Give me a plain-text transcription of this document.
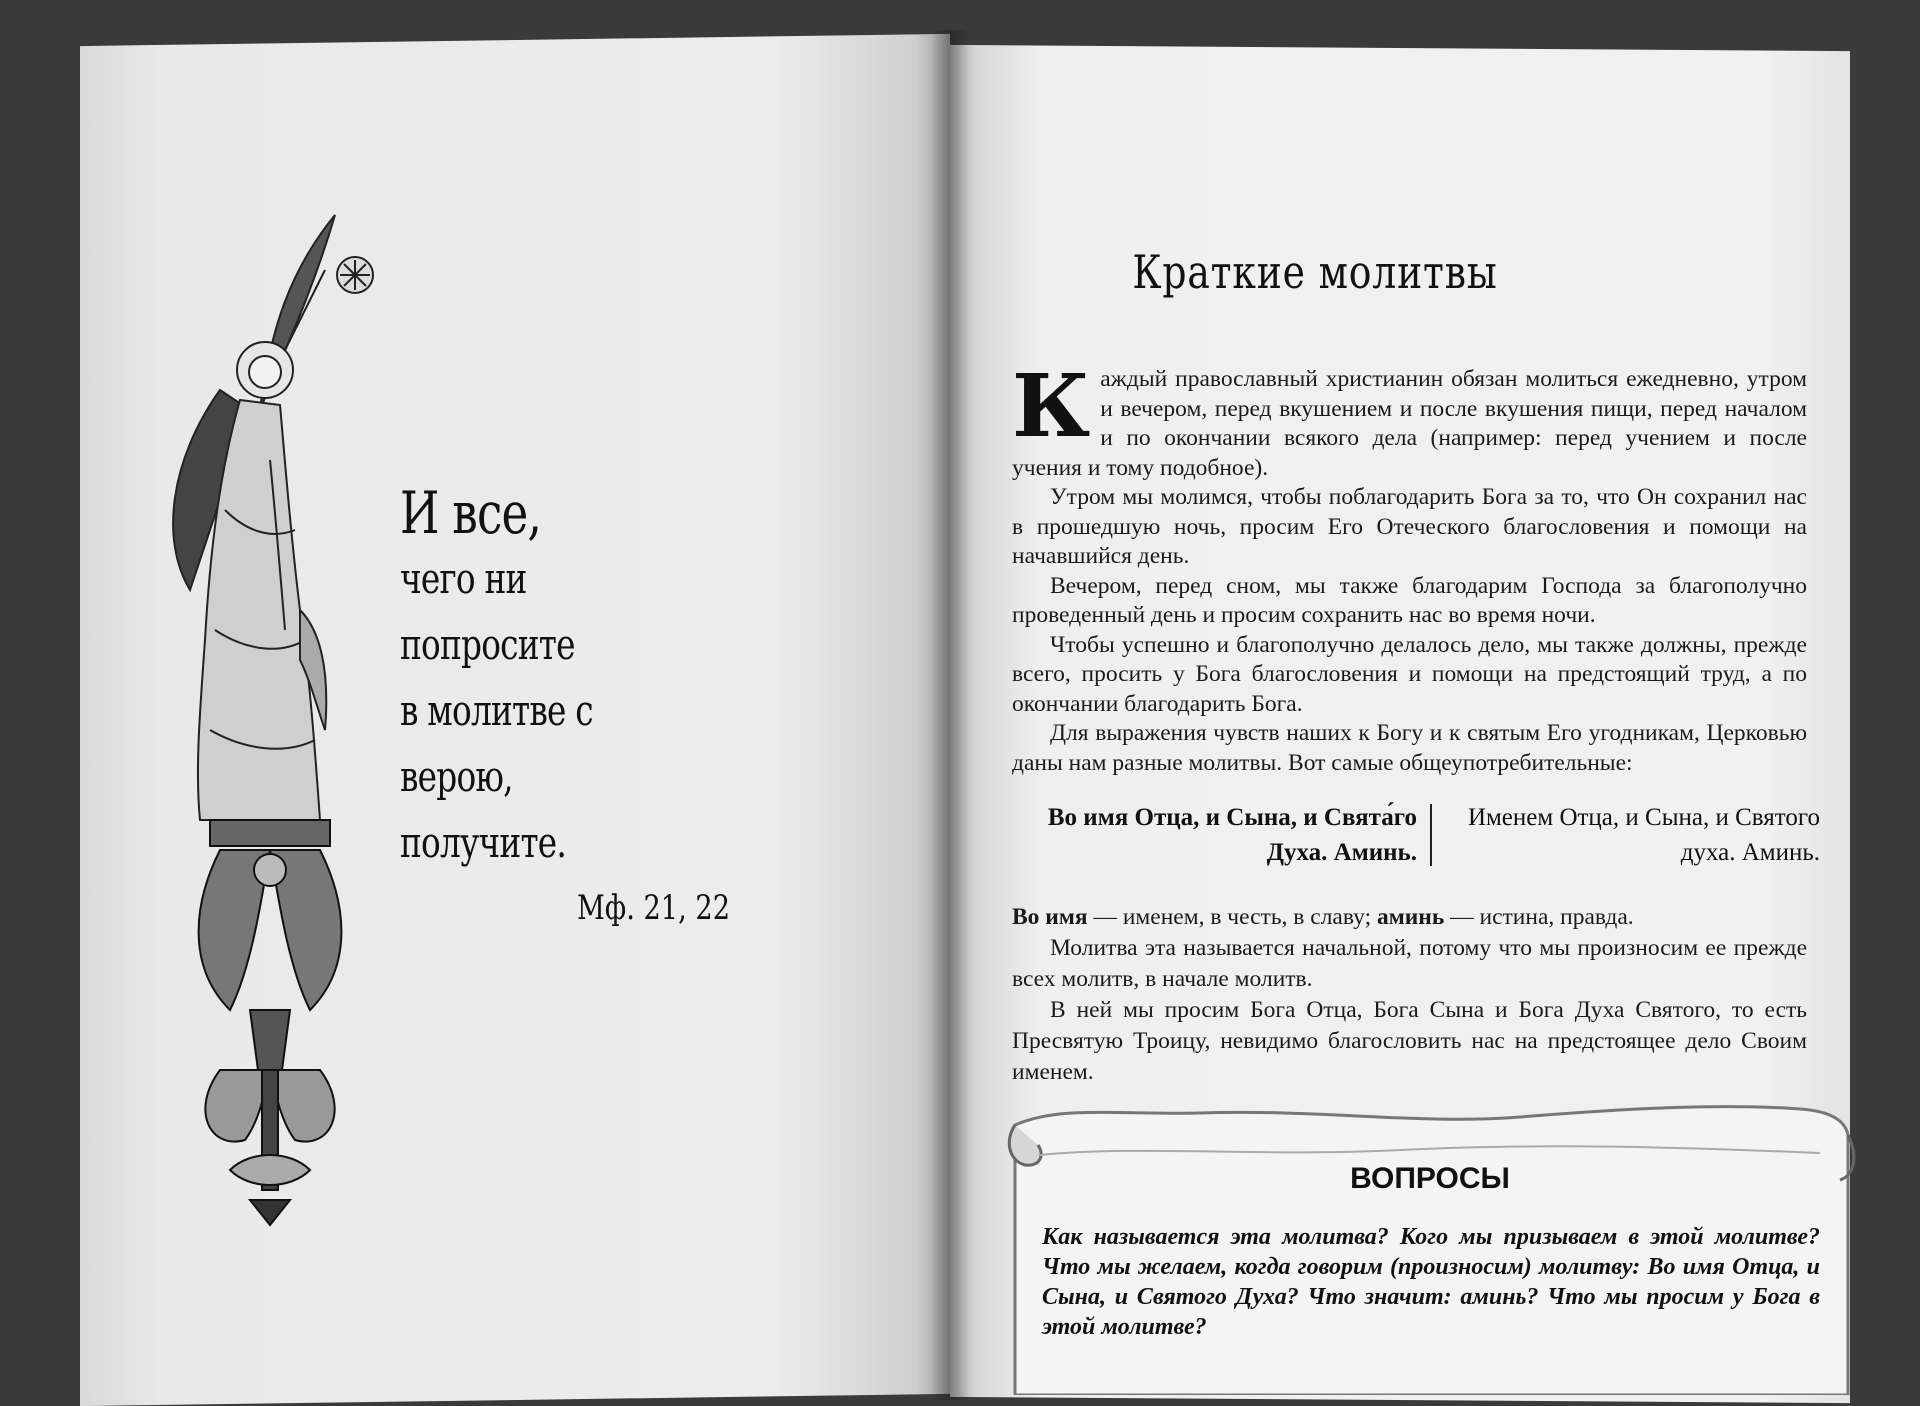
И все,
чего ни попросите
в молитве с верою,
получите.
Мф. 21, 22
Краткие молитвы

Каждый православный христианин обязан молиться ежедневно, утром и вечером, перед вкушением и после вкушения пищи, перед началом и по окончании всякого дела (например: перед учением и после учения и тому подобное).

Утром мы молимся, чтобы поблагодарить Бога за то, что Он сохранил нас в прошедшую ночь, просим Его Отеческого благословения и помощи на начавшийся день.

Вечером, перед сном, мы также благодарим Господа за благополучно проведенный день и просим сохранить нас во время ночи.

Чтобы успешно и благополучно делалось дело, мы также должны, прежде всего, просить у Бога благословения и помощи на предстоящий труд, а по окончании благодарить Бога.

Для выражения чувств наших к Богу и к святым Его угодникам, Церковью даны нам разные молитвы. Вот самые общеупотребительные:

Во имя Отца, и Сына, и Свята́го Духа. Аминь.
Именем Отца, и Сына, и Святого духа. Аминь.

Во имя — именем, в честь, в славу; аминь — истина, правда.

Молитва эта называется начальной, потому что мы произносим ее прежде всех молитв, в начале молитв.

В ней мы просим Бога Отца, Бога Сына и Бога Духа Святого, то есть Пресвятую Троицу, невидимо благословить нас на предстоящее дело Своим именем.

ВОПРОСЫ
Как называется эта молитва? Кого мы призываем в этой молитве? Что мы желаем, когда говорим (произносим) молитву: Во имя Отца, и Сына, и Святого Духа? Что значит: аминь? Что мы просим у Бога в этой молитве?
